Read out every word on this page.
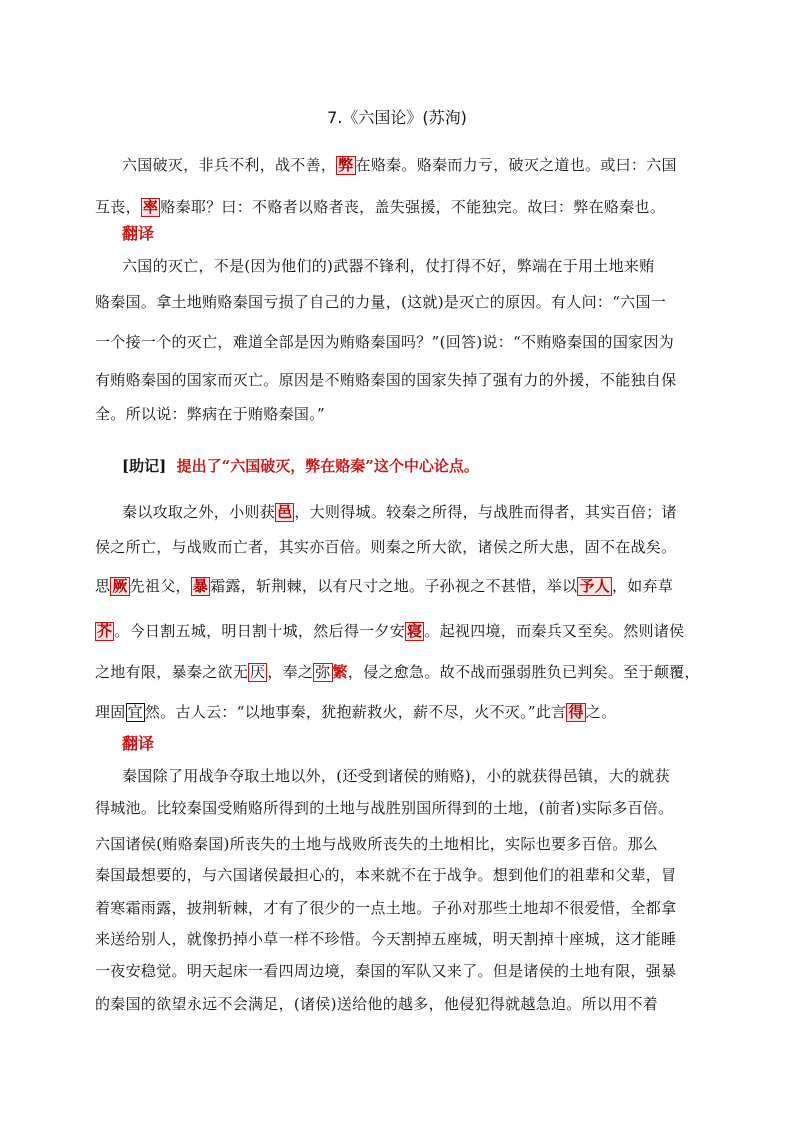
7.《六国论》(苏洵)
六国破灭，非兵不利，战不善， 弊 在赂秦。赂秦而力亏，破灭之道也。或曰：六国
互丧， 率 赂秦耶？曰：不赂者以赂者丧，盖失强援，不能独完。故曰：弊在赂秦也。
翻译
六国的灭亡，不是(因为他们的)武器不锋利，仗打得不好，弊端在于用土地来贿
赂秦国。拿土地贿赂秦国亏损了自己的力量，(这就)是灭亡的原因。有人问：“六国一
一个接一个的灭亡，难道全部是因为贿赂秦国吗？”(回答)说：“不贿赂秦国的国家因为
有贿赂秦国的国家而灭亡。原因是不贿赂秦国的国家失掉了强有力的外援，不能独自保
全。所以说：弊病在于贿赂秦国。”
[助记] 提出了“六国破灭，弊在赂秦”这个中心论点。
秦以攻取之外，小则获 邑 ，大则得城。较秦之所得，与战胜而得者，其实百倍；诸
侯之所亡，与战败而亡者，其实亦百倍。则秦之所大欲，诸侯之所大患，固不在战矣。
思 厥 先祖父， 暴 霜露，斩荆棘，以有尺寸之地。子孙视之不甚惜，举以 予人 ，如弃草
芥 。今日割五城，明日割十城，然后得一夕安 寝 。起视四境，而秦兵又至矣。然则诸侯
之地有限，暴秦之欲无 厌 ，奉之 弥 繁，侵之愈急。故不战而强弱胜负已判矣。至于颠覆，
理固 宜 然。古人云：“以地事秦，犹抱薪救火，薪不尽，火不灭。”此言 得 之。
翻译
秦国除了用战争夺取土地以外，(还受到诸侯的贿赂)，小的就获得邑镇，大的就获
得城池。比较秦国受贿赂所得到的土地与战胜别国所得到的土地，(前者)实际多百倍。
六国诸侯(贿赂秦国)所丧失的土地与战败所丧失的土地相比，实际也要多百倍。那么
秦国最想要的，与六国诸侯最担心的，本来就不在于战争。想到他们的祖辈和父辈，冒
着寒霜雨露，披荆斩棘，才有了很少的一点土地。子孙对那些土地却不很爱惜，全都拿
来送给别人，就像扔掉小草一样不珍惜。今天割掉五座城，明天割掉十座城，这才能睡
一夜安稳觉。明天起床一看四周边境，秦国的军队又来了。但是诸侯的土地有限，强暴
的秦国的欲望永远不会满足，(诸侯)送给他的越多，他侵犯得就越急迫。所以用不着
